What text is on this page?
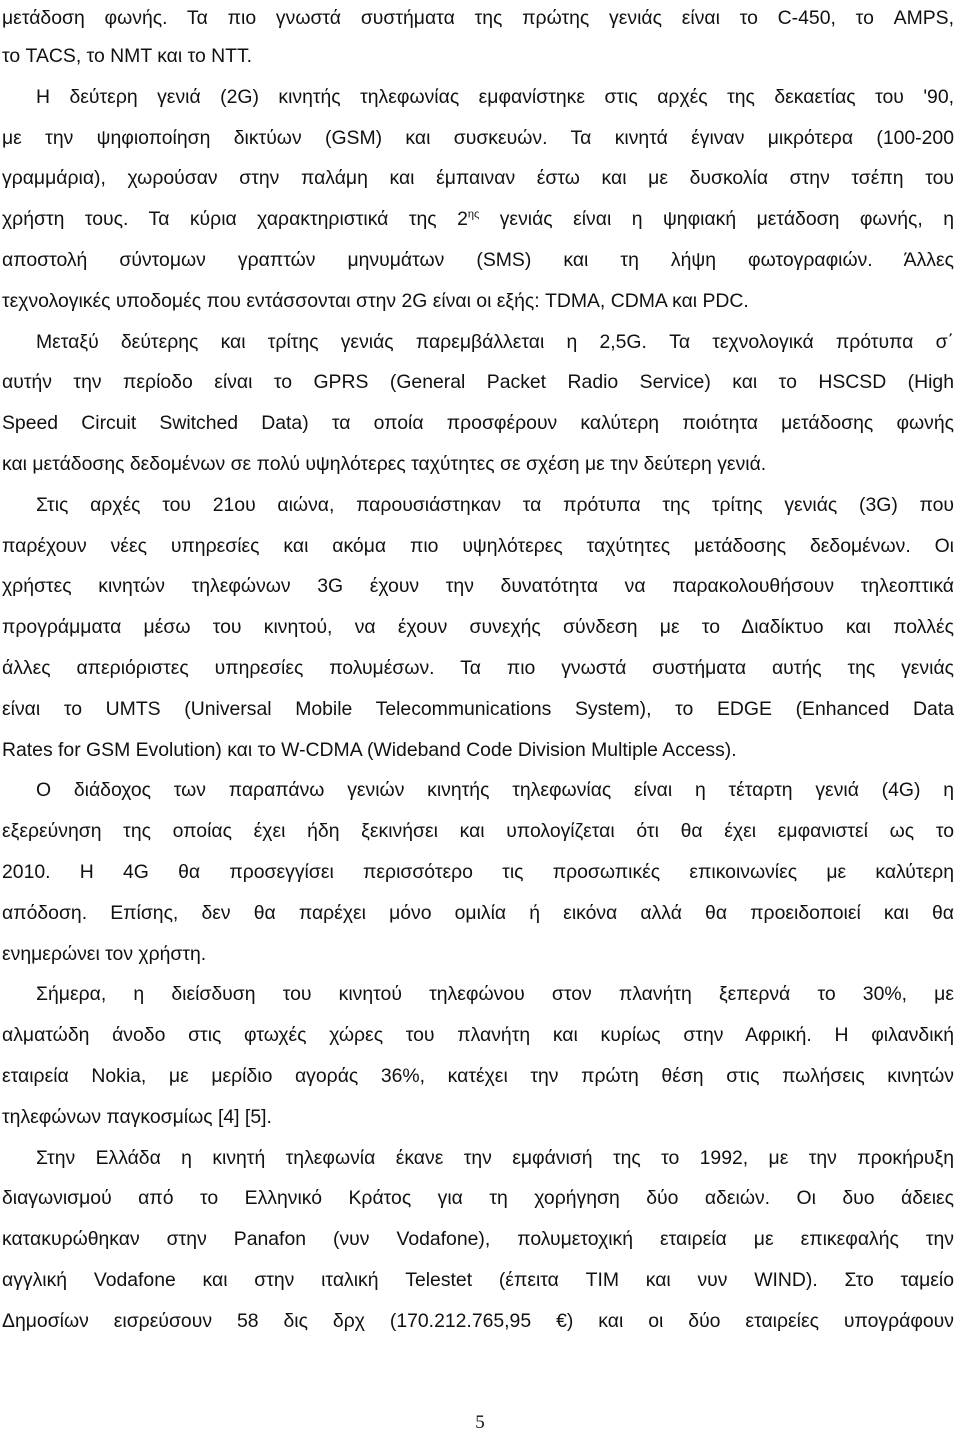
μετάδοση φωνής. Τα πιο γνωστά συστήματα της πρώτης γενιάς είναι το C-450, το AMPS,
το TACS, το NMT και το NTT.
Η δεύτερη γενιά (2G) κινητής τηλεφωνίας εμφανίστηκε στις αρχές της δεκαετίας του '90,
με την ψηφιοποίηση δικτύων (GSM) και συσκευών. Τα κινητά έγιναν μικρότερα (100-200
γραμμάρια), χωρούσαν στην παλάμη και έμπαιναν έστω και με δυσκολία στην τσέπη του
χρήστη τους. Τα κύρια χαρακτηριστικά της $2^{\eta\varsigma}$ γενιάς είναι η ψηφιακή μετάδοση φωνής, η
αποστολή σύντομων γραπτών μηνυμάτων (SMS) και τη λήψη φωτογραφιών. Άλλες
τεχνολογικές υποδομές που εντάσσονται στην 2G είναι οι εξής: TDMA, CDMA και PDC.
Μεταξύ δεύτερης και τρίτης γενιάς παρεμβάλλεται η 2,5G. Τα τεχνολογικά πρότυπα σ΄
αυτήν την περίοδο είναι το GPRS (General Packet Radio Service) και το HSCSD (High
Speed Circuit Switched Data) τα οποία προσφέρουν καλύτερη ποιότητα μετάδοσης φωνής
και μετάδοσης δεδομένων σε πολύ υψηλότερες ταχύτητες σε σχέση με την δεύτερη γενιά.
Στις αρχές του 21ου αιώνα, παρουσιάστηκαν τα πρότυπα της τρίτης γενιάς (3G) που
παρέχουν νέες υπηρεσίες και ακόμα πιο υψηλότερες ταχύτητες μετάδοσης δεδομένων. Οι
χρήστες κινητών τηλεφώνων 3G έχουν την δυνατότητα να παρακολουθήσουν τηλεοπτικά
προγράμματα μέσω του κινητού, να έχουν συνεχής σύνδεση με το Διαδίκτυο και πολλές
άλλες απεριόριστες υπηρεσίες πολυμέσων. Τα πιο γνωστά συστήματα αυτής της γενιάς
είναι το UMTS (Universal Mobile Telecommunications System), το EDGE (Enhanced Data
Rates for GSM Evolution) και το W-CDMA (Wideband Code Division Multiple Access).
Ο διάδοχος των παραπάνω γενιών κινητής τηλεφωνίας είναι η τέταρτη γενιά (4G) η
εξερεύνηση της οποίας έχει ήδη ξεκινήσει και υπολογίζεται ότι θα έχει εμφανιστεί ως το
2010. Η 4G θα προσεγγίσει περισσότερο τις προσωπικές επικοινωνίες με καλύτερη
απόδοση. Επίσης, δεν θα παρέχει μόνο ομιλία ή εικόνα αλλά θα προειδοποιεί και θα
ενημερώνει τον χρήστη.
Σήμερα, η διείσδυση του κινητού τηλεφώνου στον πλανήτη ξεπερνά το 30%, με
αλματώδη άνοδο στις φτωχές χώρες του πλανήτη και κυρίως στην Αφρική. Η φιλανδική
εταιρεία Nokia, με μερίδιο αγοράς 36%, κατέχει την πρώτη θέση στις πωλήσεις κινητών
τηλεφώνων παγκοσμίως [4] [5].
Στην Ελλάδα η κινητή τηλεφωνία έκανε την εμφάνισή της το 1992, με την προκήρυξη
διαγωνισμού από το Ελληνικό Κράτος για τη χορήγηση δύο αδειών. Οι δυο άδειες
κατακυρώθηκαν στην Panafon (νυν Vodafone), πολυμετοχική εταιρεία με επικεφαλής την
αγγλική Vodafone και στην ιταλική Telestet (έπειτα TIM και νυν WIND). Στο ταμείο
Δημοσίων εισρεύσουν 58 δις δρχ (170.212.765,95 €) και οι δύο εταιρείες υπογράφουν
5
